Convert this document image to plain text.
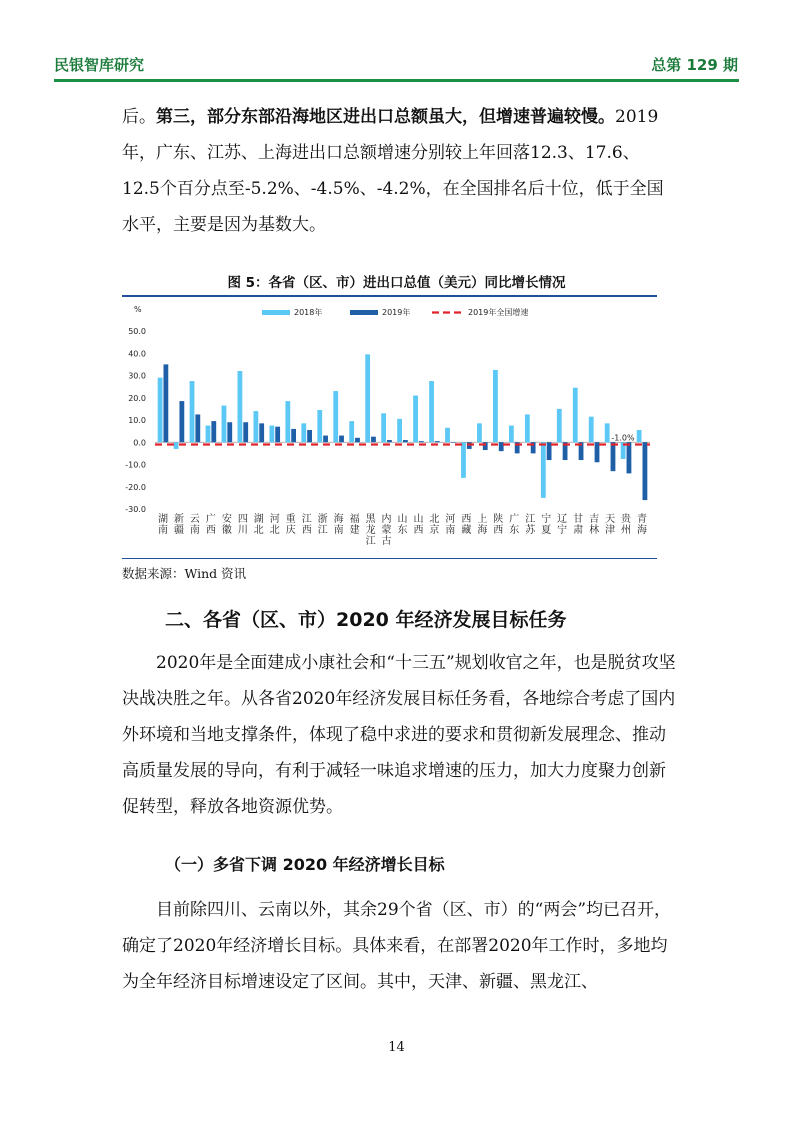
民银智库研究	总第 129 期

后。第三，部分东部沿海地区进出口总额虽大，但增速普遍较慢。2019年，广东、江苏、上海进出口总额增速分别较上年回落12.3、17.6、12.5个百分点至-5.2%、-4.5%、-4.2%，在全国排名后十位，低于全国水平，主要是因为基数大。

图 5：各省（区、市）进出口总值（美元）同比增长情况
2018年	2019年	2019年全国增速
%
50.0
40.0
30.0
20.0
10.0
0.0
-10.0
-20.0
-30.0
-1.0%
湖
南
新
疆
云
南
广
西
安
徽
四
川
湖
北
河
北
重
庆
江
西
浙
江
海
南
福
建
黑
龙
江
内
蒙
古
山
东
山
西
北
京
河
南
西
藏
上
海
陕
西
广
东
江
苏
宁
夏
辽
宁
甘
肃
吉
林
天
津
贵
州
青
海
数据来源：Wind 资讯
二、各省（区、市）2020 年经济发展目标任务

2020年是全面建成小康社会和“十三五”规划收官之年，也是脱贫攻坚决战决胜之年。从各省2020年经济发展目标任务看，各地综合考虑了国内外环境和当地支撑条件，体现了稳中求进的要求和贯彻新发展理念、推动高质量发展的导向，有利于减轻一味追求增速的压力，加大力度聚力创新促转型，释放各地资源优势。

（一）多省下调 2020 年经济增长目标

目前除四川、云南以外，其余29个省（区、市）的“两会”均已召开，确定了2020年经济增长目标。具体来看，在部署2020年工作时，多地均为全年经济目标增速设定了区间。其中，天津、新疆、黑龙江、

14
